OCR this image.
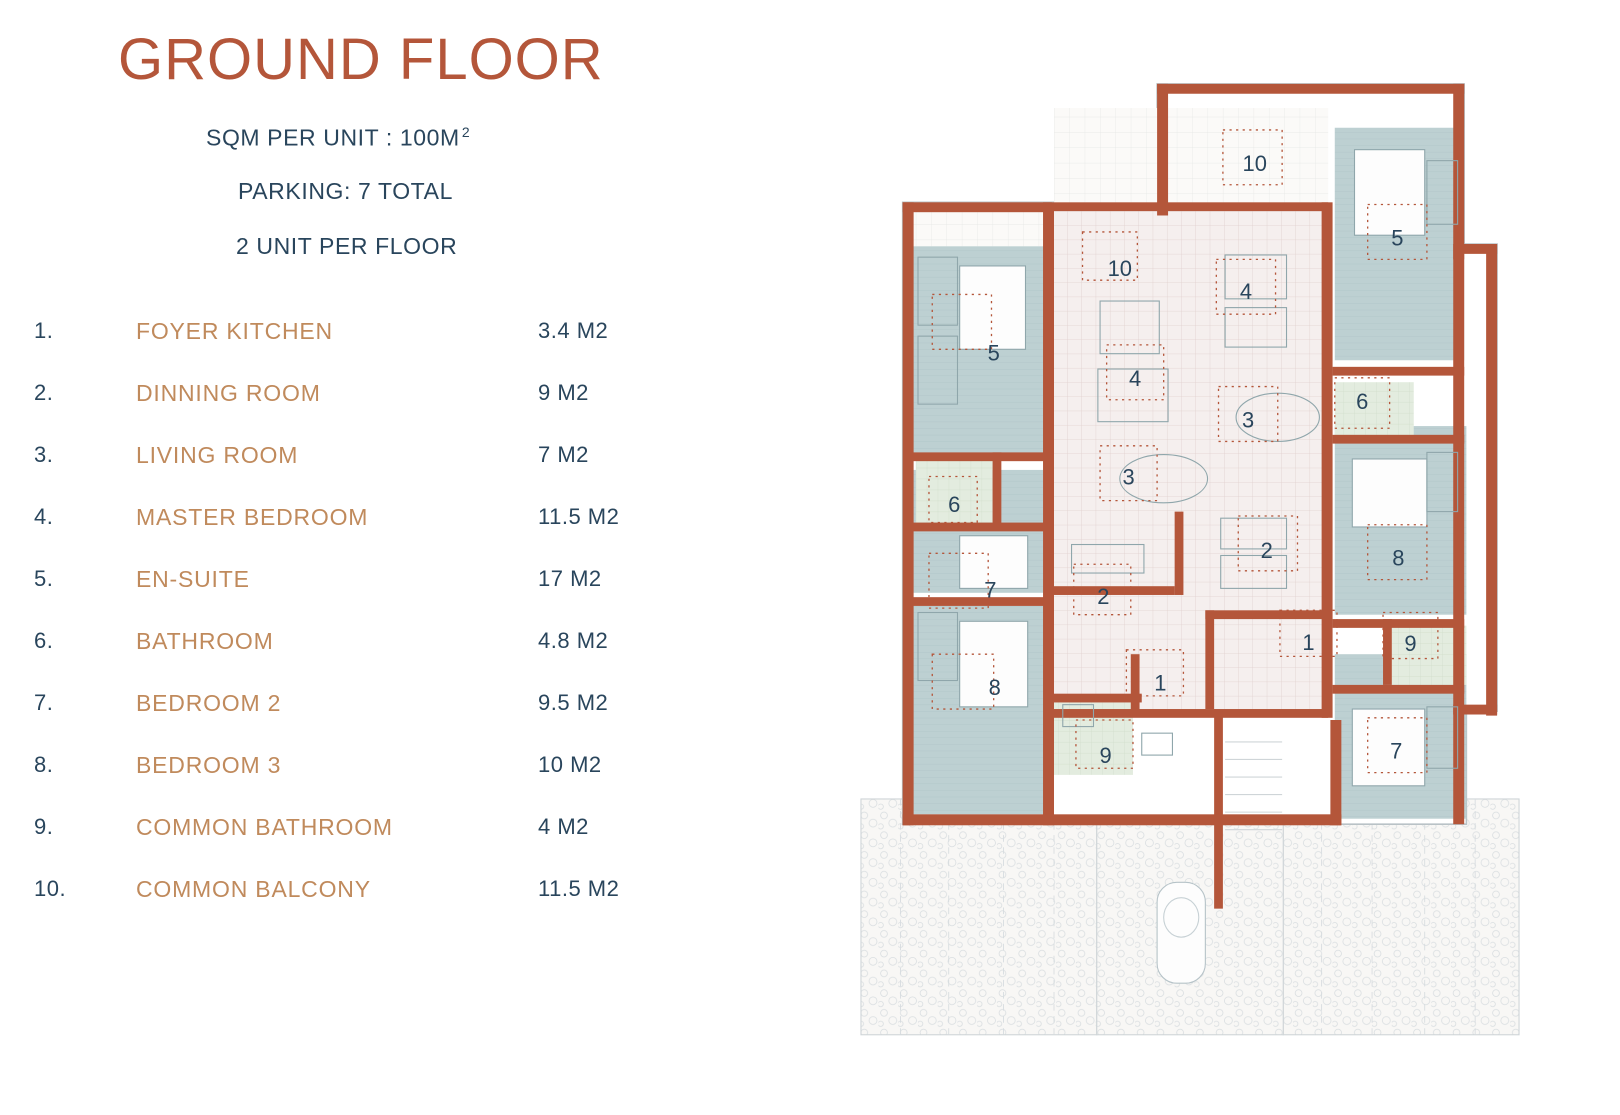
GROUND FLOOR
SQM PER UNIT : 100M $^2$
PARKING: 7 TOTAL
2 UNIT PER FLOOR
1.	FOYER KITCHEN	3.4 M2
2.	DINNING ROOM	9 M2
3.	LIVING ROOM	7 M2
4.	MASTER BEDROOM	11.5 M2
5.	EN-SUITE	17 M2
6.	BATHROOM	4.8 M2
7.	BEDROOM 2	9.5 M2
8.	BEDROOM 3	10 M2
9.	COMMON BATHROOM	4 M2
10.	COMMON BALCONY	11.5 M2
10
5
10
4
5
4
6
3
3
6
8
2
7	2
1	9
1
8
7
9
